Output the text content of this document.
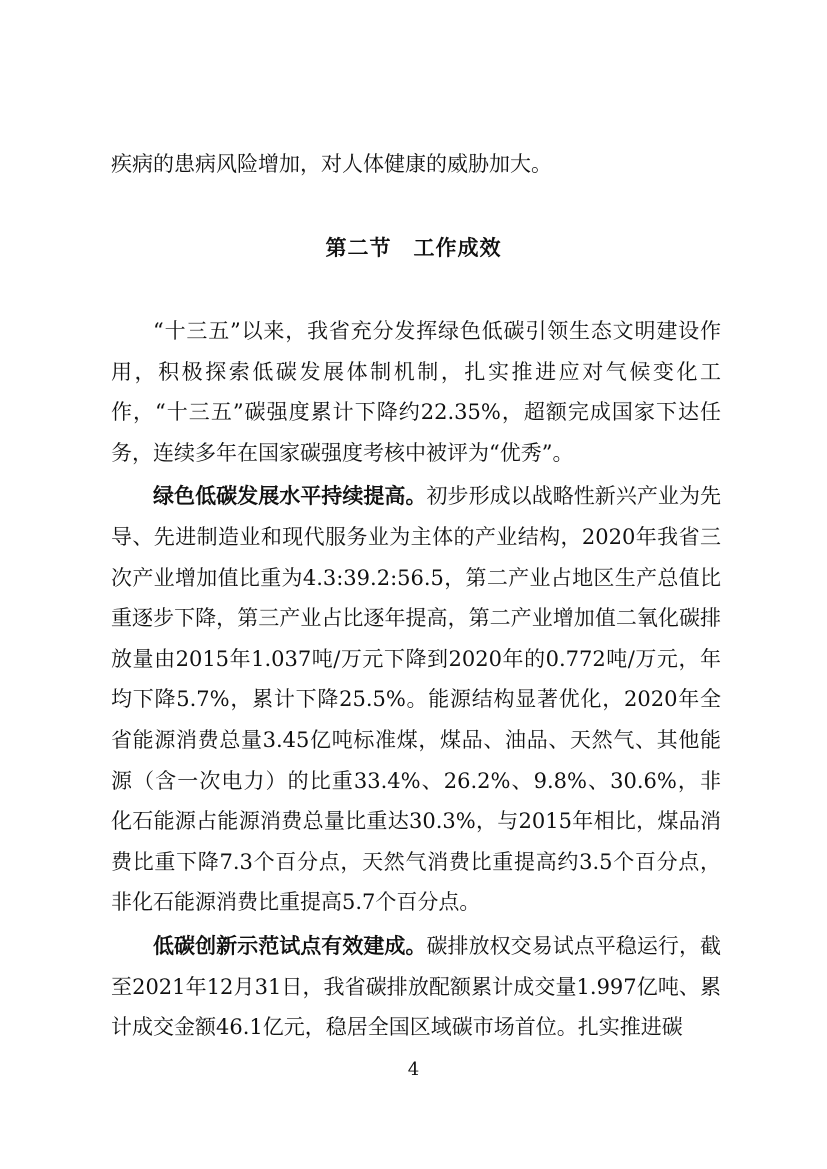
疾病的患病风险增加，对人体健康的威胁加大。
第二节 工作成效

“十三五”以来，我省充分发挥绿色低碳引领生态文明建设作用，积极探索低碳发展体制机制，扎实推进应对气候变化工作，“十三五”碳强度累计下降约22.35%，超额完成国家下达任务，连续多年在国家碳强度考核中被评为“优秀”。

绿色低碳发展水平持续提高。初步形成以战略性新兴产业为先导、先进制造业和现代服务业为主体的产业结构，2020年我省三次产业增加值比重为4.3:39.2:56.5，第二产业占地区生产总值比重逐步下降，第三产业占比逐年提高，第二产业增加值二氧化碳排放量由2015年1.037吨/万元下降到2020年的0.772吨/万元，年均下降5.7%，累计下降25.5%。能源结构显著优化，2020年全省能源消费总量3.45亿吨标准煤，煤品、油品、天然气、其他能源（含一次电力）的比重33.4%、26.2%、9.8%、30.6%，非化石能源占能源消费总量比重达30.3%，与2015年相比，煤品消费比重下降7.3个百分点，天然气消费比重提高约3.5个百分点，非化石能源消费比重提高5.7个百分点。

低碳创新示范试点有效建成。碳排放权交易试点平稳运行，截至2021年12月31日，我省碳排放配额累计成交量1.997亿吨、累计成交金额46.1亿元，稳居全国区域碳市场首位。扎实推进碳

4
